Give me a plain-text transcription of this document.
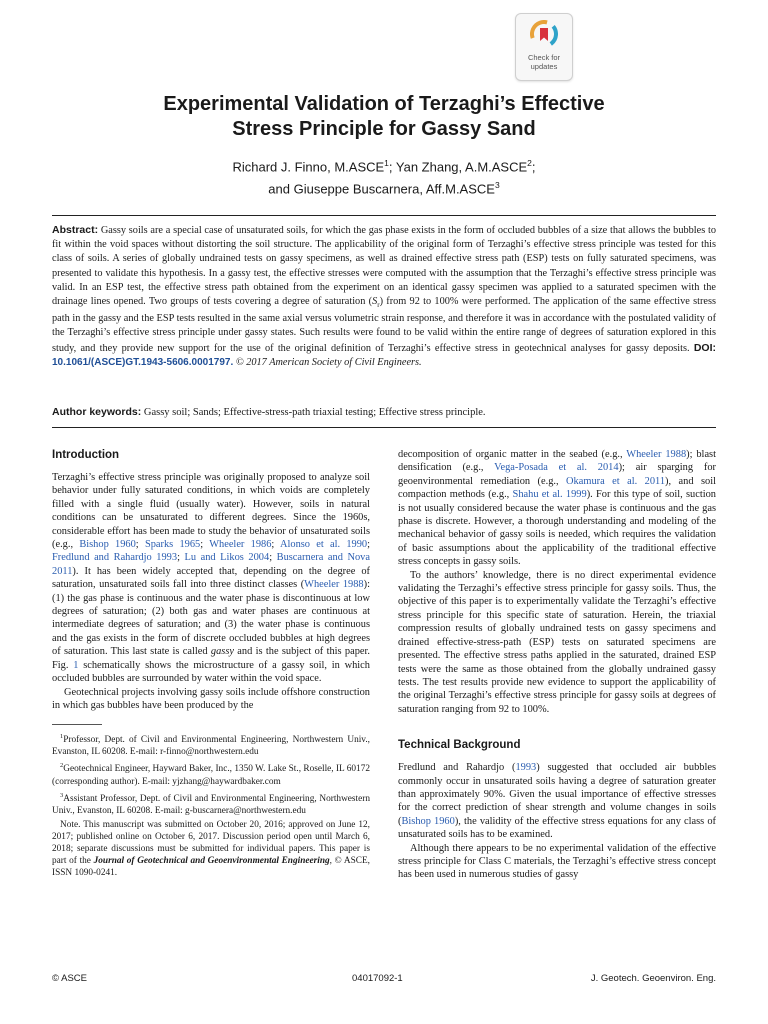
Check for
updates
Experimental Validation of Terzaghi’s Effective
Stress Principle for Gassy Sand
Richard J. Finno, M.ASCE$^1$; Yan Zhang, A.M.ASCE$^2$;
and Giuseppe Buscarnera, Aff.M.ASCE$^3$
Abstract: Gassy soils are a special case of unsaturated soils, for which the gas phase exists in the form of occluded bubbles of a size that allows the bubbles to fit within the void spaces without distorting the soil structure. The applicability of the original form of Terzaghi’s effective stress principle was tested for this class of soils. A series of globally undrained tests on gassy specimens, as well as drained effective stress path (ESP) tests on fully saturated specimens, was presented to validate this hypothesis. In a gassy test, the effective stresses were computed with the assumption that the Terzaghi’s effective stress principle was valid. In an ESP test, the effective stress path obtained from the experiment on an identical gassy specimen was applied to a saturated specimen with the drainage lines opened. Two groups of tests covering a degree of saturation $(S_r)$ from 92 to 100% were performed. The application of the same effective stress path in the gassy and the ESP tests resulted in the same axial versus volumetric strain response, and therefore it was in accordance with the postulated validity of the Terzaghi’s effective stress principle under gassy states. Such results were found to be valid within the entire range of degrees of saturation explored in this study, and they provide new support for the use of the original definition of Terzaghi’s effective stress in geotechnical analyses for gassy deposits. DOI: 10.1061/(ASCE)GT.1943-5606.0001797. © 2017 American Society of Civil Engineers.
Author keywords: Gassy soil; Sands; Effective-stress-path triaxial testing; Effective stress principle.
Introduction

Terzaghi’s effective stress principle was originally proposed to analyze soil behavior under fully saturated conditions, in which voids are completely filled with a single fluid (usually water). However, soils in natural conditions can be unsaturated to different degrees. Since the 1960s, considerable effort has been made to study the behavior of unsaturated soils (e.g., Bishop 1960; Sparks 1965; Wheeler 1986; Alonso et al. 1990; Fredlund and Rahardjo 1993; Lu and Likos 2004; Buscarnera and Nova 2011). It has been widely accepted that, depending on the degree of saturation, unsaturated soils fall into three distinct classes (Wheeler 1988): (1) the gas phase is continuous and the water phase is discontinuous at low degrees of saturation; (2) both gas and water phases are continuous at intermediate degrees of saturation; and (3) the water phase is continuous and the gas exists in the form of discrete occluded bubbles at high degrees of saturation. This last state is called gassy and is the subject of this paper. Fig. 1 schematically shows the microstructure of a gassy soil, in which occluded bubbles are surrounded by water within the void space.

Geotechnical projects involving gassy soils include offshore construction in which gas bubbles have been produced by the

$^1$Professor, Dept. of Civil and Environmental Engineering, Northwestern Univ., Evanston, IL 60208. E-mail: r-finno@northwestern.edu

$^2$Geotechnical Engineer, Hayward Baker, Inc., 1350 W. Lake St., Roselle, IL 60172 (corresponding author). E-mail: yjzhang@haywardbaker.com

$^3$Assistant Professor, Dept. of Civil and Environmental Engineering, Northwestern Univ., Evanston, IL 60208. E-mail: g-buscarnera@northwestern.edu

Note. This manuscript was submitted on October 20, 2016; approved on June 12, 2017; published online on October 6, 2017. Discussion period open until March 6, 2018; separate discussions must be submitted for individual papers. This paper is part of the Journal of Geotechnical and Geoenvironmental Engineering, © ASCE, ISSN 1090-0241.

decomposition of organic matter in the seabed (e.g., Wheeler 1988); blast densification (e.g., Vega-Posada et al. 2014); air sparging for geoenvironmental remediation (e.g., Okamura et al. 2011), and soil compaction methods (e.g., Shahu et al. 1999). For this type of soil, suction is not usually considered because the water phase is continuous and the gas phase is discrete. However, a thorough understanding and modeling of the mechanical behavior of gassy soils is needed, which requires the validation of basic assumptions about the applicability of the traditional effective stress concepts in gassy soils.

To the authors’ knowledge, there is no direct experimental evidence validating the Terzaghi’s effective stress principle for gassy soils. Thus, the objective of this paper is to experimentally validate the Terzaghi’s effective stress principle for this specific state of saturation. Herein, the triaxial compression results of globally undrained tests on gassy specimens and drained effective-stress-path (ESP) tests on saturated specimens are presented. The effective stress paths applied in the saturated, drained ESP tests were the same as those obtained from the globally undrained gassy tests. The test results provide new evidence to support the applicability of the original Terzaghi’s effective stress principle for gassy soils at degrees of saturation ranging from 92 to 100%.

Technical Background

Fredlund and Rahardjo (1993) suggested that occluded air bubbles commonly occur in unsaturated soils having a degree of saturation greater than approximately 90%. Given the usual importance of effective stresses for the correct prediction of shear strength and volume changes in soils (Bishop 1960), the validity of the effective stress equations for any class of unsaturated soils has to be examined.

Although there appears to be no experimental validation of the effective stress principle for Class C materials, the Terzaghi’s effective stress concept has been used in numerous studies of gassy

© ASCE	04017092-1	J. Geotech. Geoenviron. Eng.
